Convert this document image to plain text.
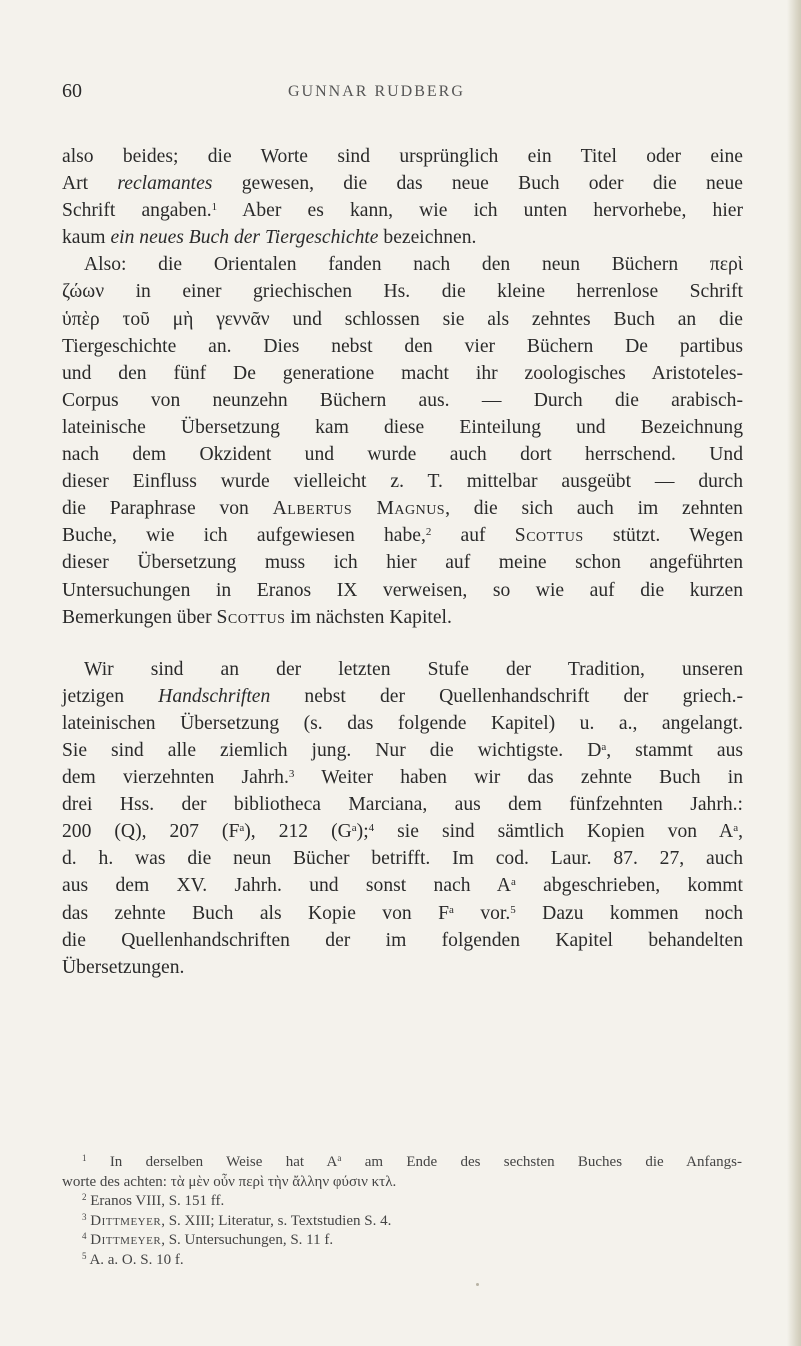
60	GUNNAR RUDBERG
also beides; die Worte sind ursprünglich ein Titel oder eine
Art reclamantes gewesen, die das neue Buch oder die neue
Schrift angaben.$^1$ Aber es kann, wie ich unten hervorhebe, hier
kaum ein neues Buch der Tiergeschichte bezeichnen.
Also: die Orientalen fanden nach den neun Büchern περὶ
ζώων in einer griechischen Hs. die kleine herrenlose Schrift
ὑπὲρ τοῦ μὴ γεννᾶν und schlossen sie als zehntes Buch an die
Tiergeschichte an. Dies nebst den vier Büchern De partibus
und den fünf De generatione macht ihr zoologisches Aristoteles-
Corpus von neunzehn Büchern aus. — Durch die arabisch-
lateinische Übersetzung kam diese Einteilung und Bezeichnung
nach dem Okzident und wurde auch dort herrschend. Und
dieser Einfluss wurde vielleicht z. T. mittelbar ausgeübt — durch
die Paraphrase von Albertus Magnus, die sich auch im zehnten
Buche, wie ich aufgewiesen habe,$^2$ auf Scottus stützt. Wegen
dieser Übersetzung muss ich hier auf meine schon angeführten
Untersuchungen in Eranos IX verweisen, so wie auf die kurzen
Bemerkungen über Scottus im nächsten Kapitel.
Wir sind an der letzten Stufe der Tradition, unseren
jetzigen Handschriften nebst der Quellenhandschrift der griech.-
lateinischen Übersetzung (s. das folgende Kapitel) u. a., angelangt.
Sie sind alle ziemlich jung. Nur die wichtigste. $D^a$, stammt aus
dem vierzehnten Jahrh.$^3$ Weiter haben wir das zehnte Buch in
drei Hss. der bibliotheca Marciana, aus dem fünfzehnten Jahrh.:
200 (Q), 207 $(F^a)$, 212 $(G^a);^4$ sie sind sämtlich Kopien von $A^a$,
d. h. was die neun Bücher betrifft. Im cod. Laur. 87. 27, auch
aus dem XV. Jahrh. und sonst nach $A^a$ abgeschrieben, kommt
das zehnte Buch als Kopie von $F^a$ vor.$^5$ Dazu kommen noch
die Quellenhandschriften der im folgenden Kapitel behandelten
Übersetzungen.
$^1$ In derselben Weise hat $A^a$ am Ende des sechsten Buches die Anfangs-
worte des achten: τὰ μὲν οὖν περὶ τὴν ἄλλην φύσιν κτλ.
$^2$ Eranos VIII, S. 151 ff.
$^3$ Dittmeyer, S. XIII; Literatur, s. Textstudien S. 4.
$^4$ Dittmeyer, S. Untersuchungen, S. 11 f.
$^5$ A. a. O. S. 10 f.
